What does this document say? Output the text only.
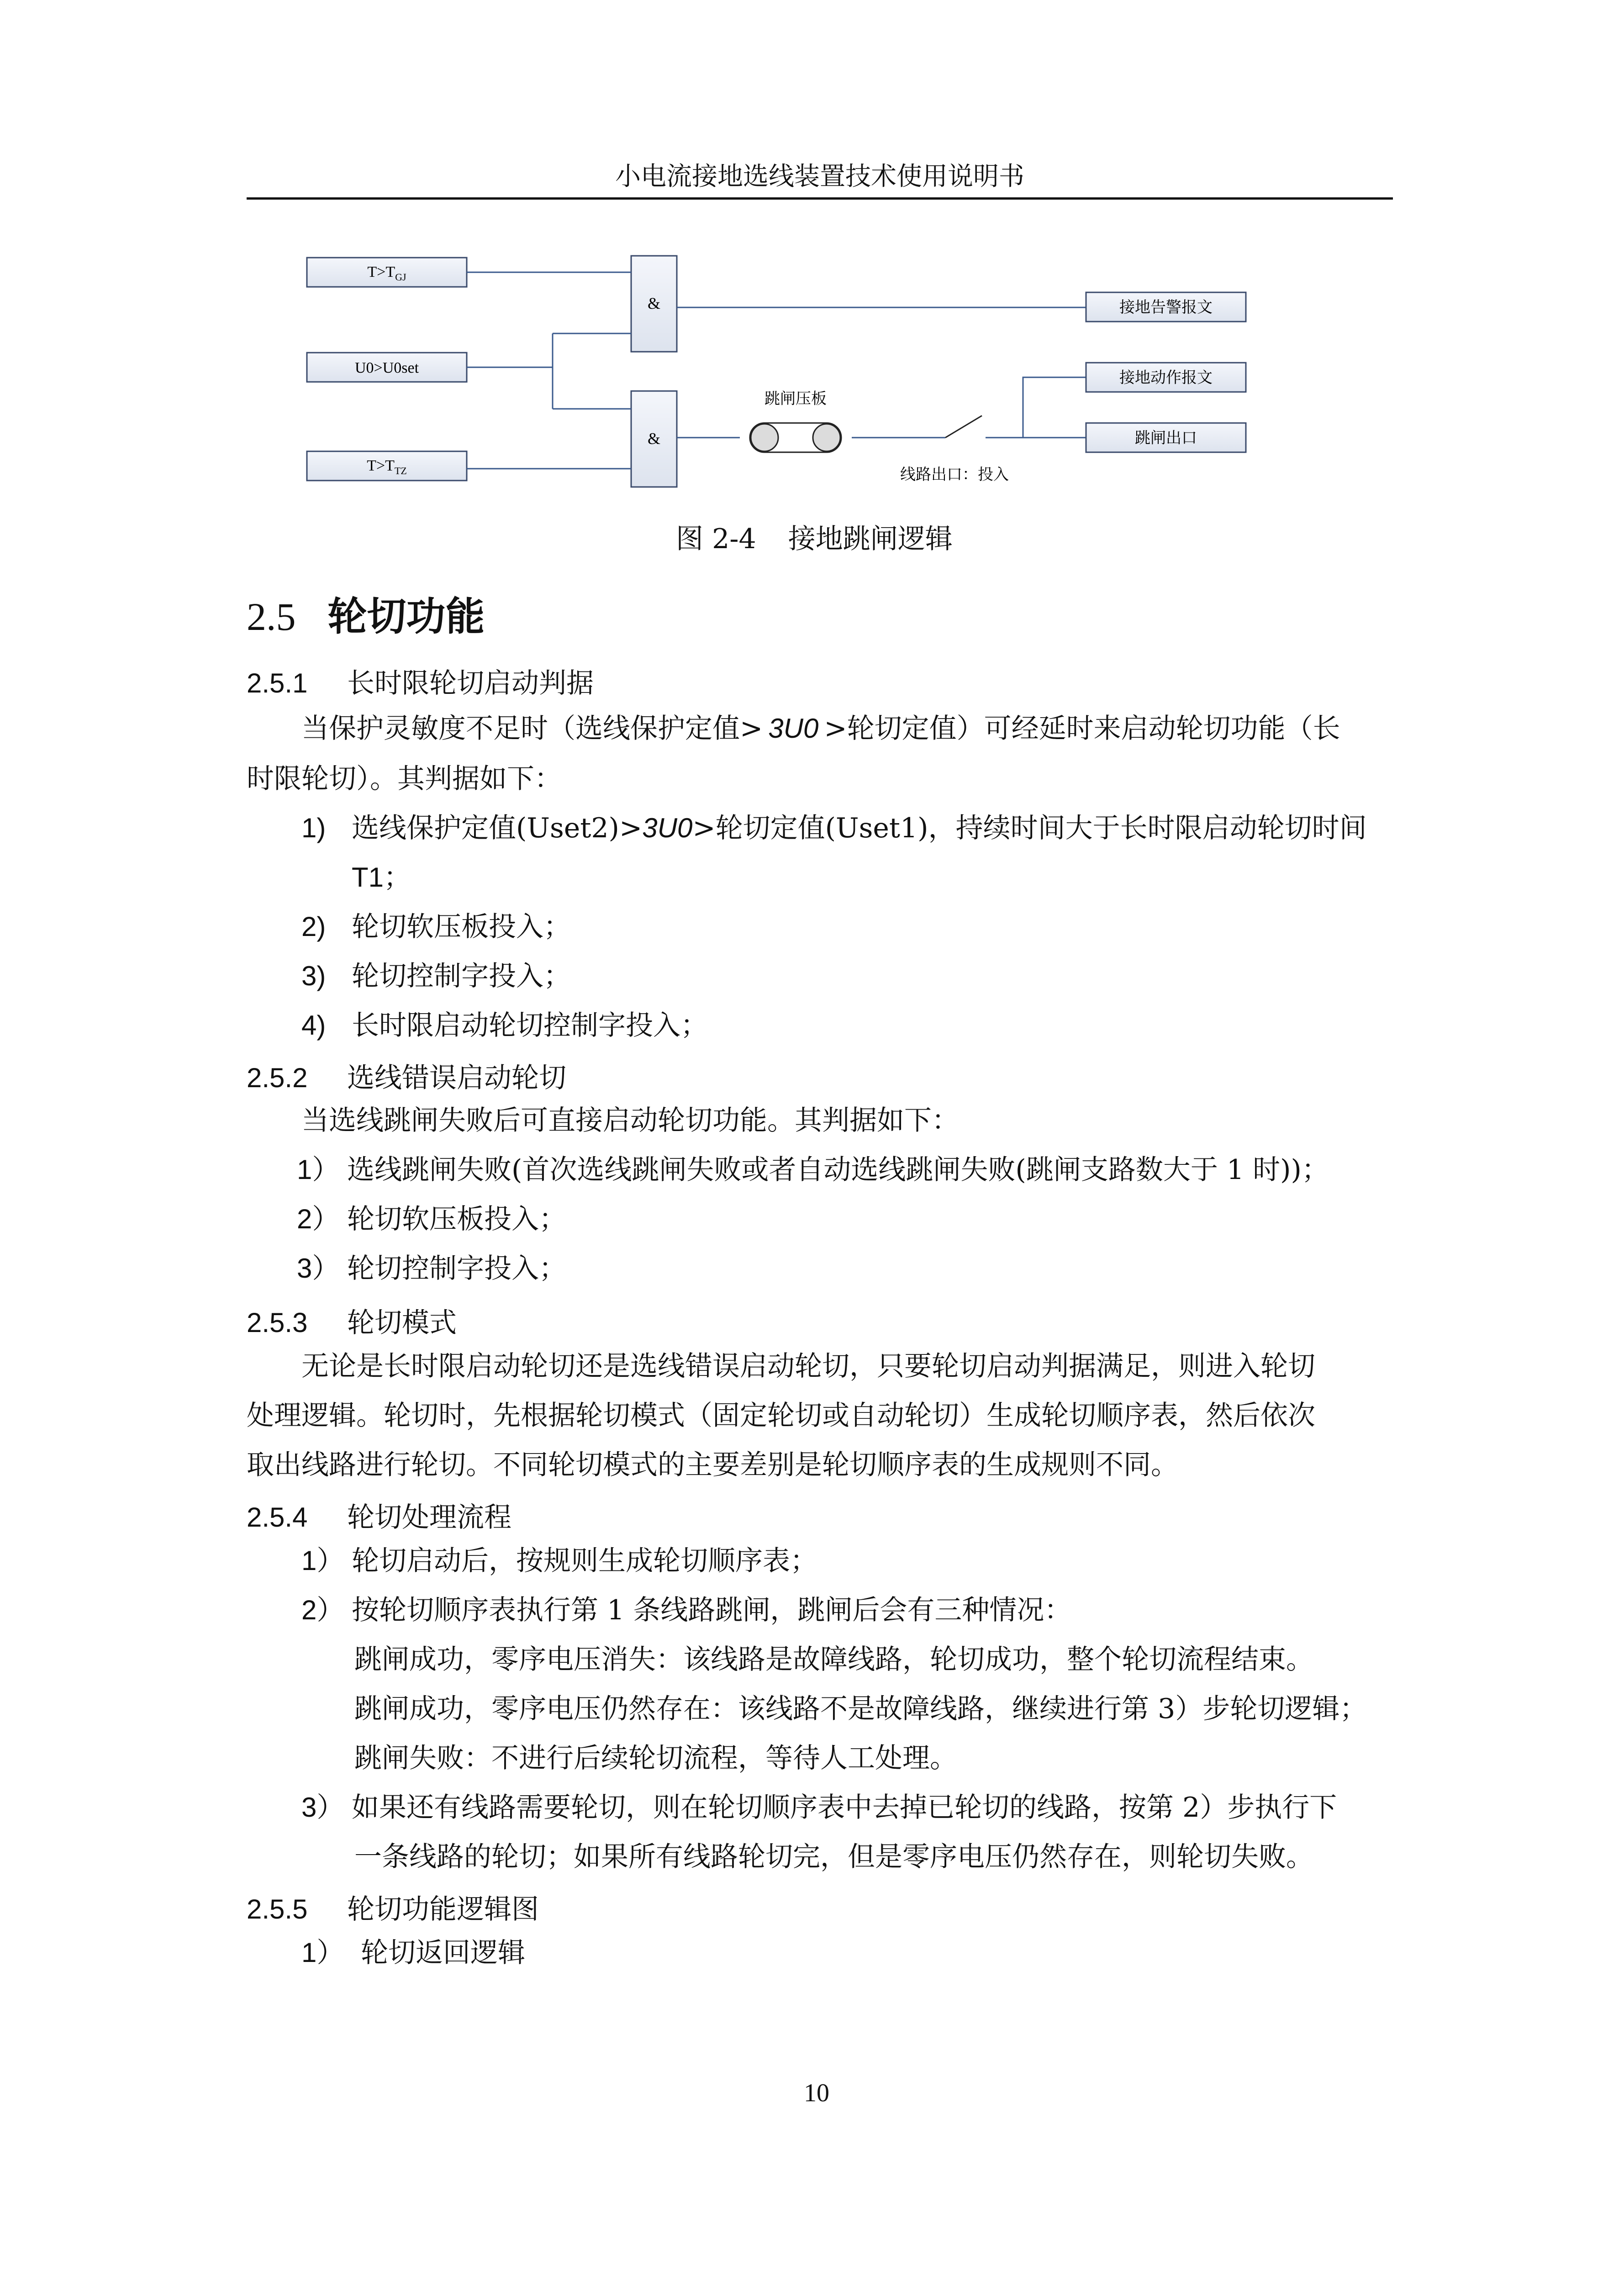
小电流接地选线装置技术使用说明书
$T>T_{GJ}$
U0>U0set
$T>T_{TZ}$
&
&
跳闸压板
线路出口：投入
接地告警报文
接地动作报文
跳闸出口
图 2-4 接地跳闸逻辑
2.5 轮切功能
2.5.1 长时限轮切启动判据
当保护灵敏度不足时（选线保护定值> 3U0 >轮切定值）可经延时来启动轮切功能（长
时限轮切）。其判据如下：
1) 选线保护定值(Uset2)>3U0>轮切定值(Uset1)，持续时间大于长时限启动轮切时间
T1；
2) 轮切软压板投入；
3) 轮切控制字投入；
4) 长时限启动轮切控制字投入；
2.5.2 选线错误启动轮切
当选线跳闸失败后可直接启动轮切功能。其判据如下：
1） 选线跳闸失败(首次选线跳闸失败或者自动选线跳闸失败(跳闸支路数大于 1 时))；
2） 轮切软压板投入；
3） 轮切控制字投入；
2.5.3 轮切模式
无论是长时限启动轮切还是选线错误启动轮切，只要轮切启动判据满足，则进入轮切
处理逻辑。轮切时，先根据轮切模式（固定轮切或自动轮切）生成轮切顺序表，然后依次
取出线路进行轮切。不同轮切模式的主要差别是轮切顺序表的生成规则不同。
2.5.4 轮切处理流程
1） 轮切启动后，按规则生成轮切顺序表；
2） 按轮切顺序表执行第 1 条线路跳闸，跳闸后会有三种情况：
跳闸成功，零序电压消失：该线路是故障线路，轮切成功，整个轮切流程结束。
跳闸成功，零序电压仍然存在：该线路不是故障线路，继续进行第 3）步轮切逻辑；
跳闸失败：不进行后续轮切流程，等待人工处理。
3） 如果还有线路需要轮切，则在轮切顺序表中去掉已轮切的线路，按第 2）步执行下
一条线路的轮切；如果所有线路轮切完，但是零序电压仍然存在，则轮切失败。
2.5.5 轮切功能逻辑图
1） 轮切返回逻辑
10
